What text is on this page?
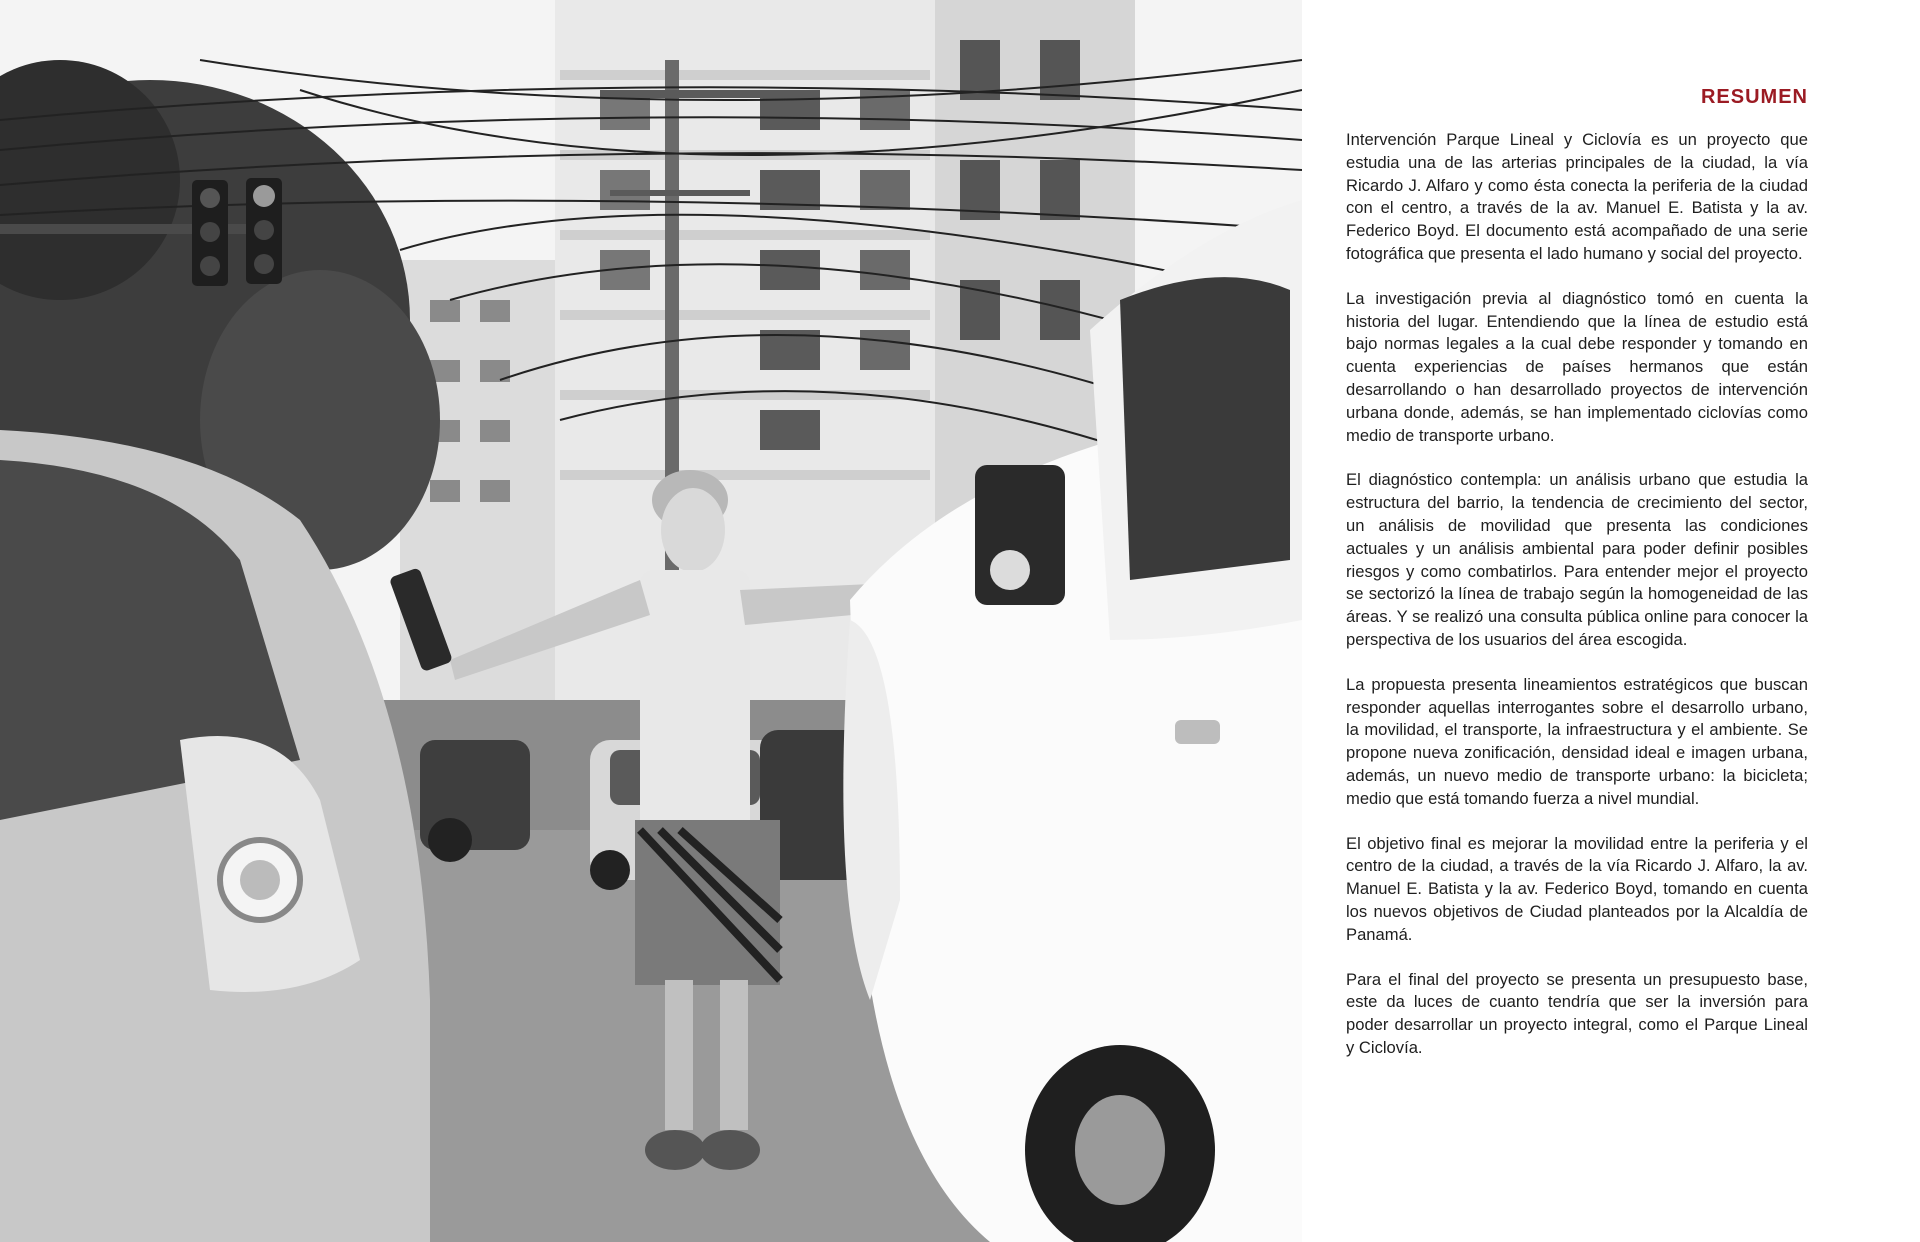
RESUMEN

Intervención Parque Lineal y Ciclovía es un proyecto que estudia una de las arterias principales de la ciudad, la vía Ricardo J. Alfaro y como ésta conecta la periferia de la ciudad con el centro, a través de la av. Manuel E. Batista y la av. Federico Boyd. El documento está acompañado de una serie fotográfica que presenta el lado humano y social del proyecto.

La investigación previa al diagnóstico tomó en cuenta la historia del lugar. Entendiendo que la línea de estudio está bajo normas legales a la cual debe responder y tomando en cuenta experiencias de países hermanos que están desarrollando o han desarrollado proyectos de intervención urbana donde, además, se han implementado ciclovías como medio de transporte urbano.

El diagnóstico contempla: un análisis urbano que estudia la estructura del barrio, la tendencia de crecimiento del sector, un análisis de movilidad que presenta las condiciones actuales y un análisis ambiental para poder definir posibles riesgos y como combatirlos. Para entender mejor el proyecto se sectorizó la línea de trabajo según la homogeneidad de las áreas. Y se realizó una consulta pública online para conocer la perspectiva de los usuarios del área escogida.

La propuesta presenta lineamientos estratégicos que buscan responder aquellas interrogantes sobre el desarrollo urbano, la movilidad, el transporte, la infraestructura y el ambiente. Se propone nueva zonificación, densidad ideal e imagen urbana, además, un nuevo medio de transporte urbano: la bicicleta; medio que está tomando fuerza a nivel mundial.

El objetivo final es mejorar la movilidad entre la periferia y el centro de la ciudad, a través de la vía Ricardo J. Alfaro, la av. Manuel E. Batista y la av. Federico Boyd, tomando en cuenta los nuevos objetivos de Ciudad planteados por la Alcaldía de Panamá.

Para el final del proyecto se presenta un presupuesto base, este da luces de cuanto tendría que ser la inversión para poder desarrollar un proyecto integral, como el Parque Lineal y Ciclovía.
